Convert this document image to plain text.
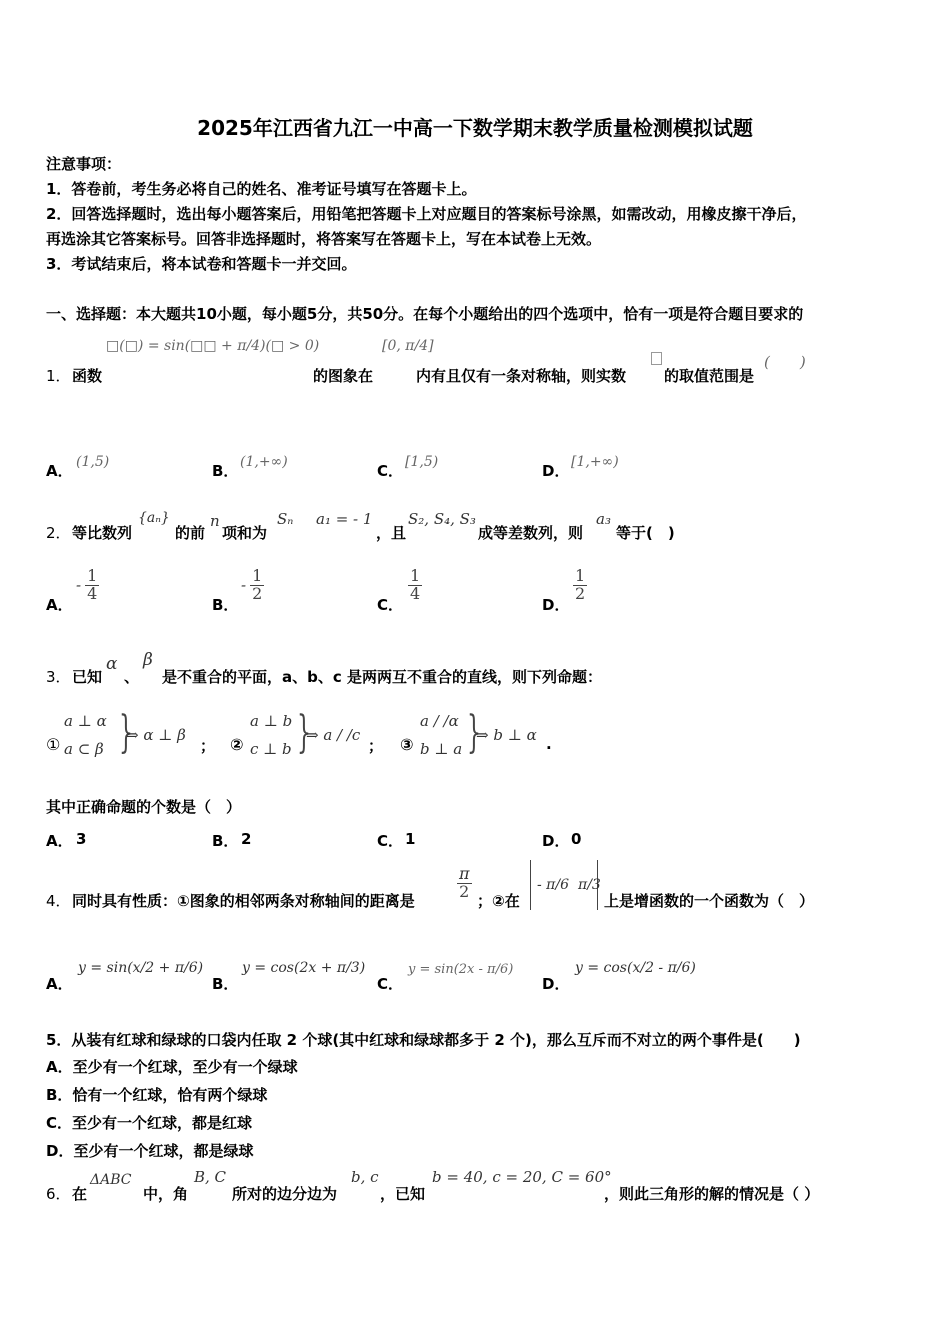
2025年江西省九江一中高一下数学期末教学质量检测模拟试题
注意事项：
1．答卷前，考生务必将自己的姓名、准考证号填写在答题卡上。
2．回答选择题时，选出每小题答案后，用铅笔把答题卡上对应题目的答案标号涂黑，如需改动，用橡皮擦干净后，
再选涂其它答案标号。回答非选择题时，将答案写在答题卡上，写在本试卷上无效。
3．考试结束后，将本试卷和答题卡一并交回。
一、选择题：本大题共10小题，每小题5分，共50分。在每个小题给出的四个选项中，恰有一项是符合题目要求的
□(□) = sin(□□ + π/4)(□ > 0)	[0, π/4]
1． 函数	的图象在	内有且仅有一条对称轴，则实数	的取值范围是
(　　)
A． (1,5)	B． (1,+∞)	C． [1,5)	D． [1,+∞)
2． 等比数列
{aₙ}
的前
n
项和为
Sₙ a₁ = - 1
，且
S₂, S₄, S₃
成等差数列，则
a₃
等于(　)
A．
- $\frac{1}{4}$
B．
- $\frac{1}{2}$
C．
$\frac{1}{4}$
D．
$\frac{1}{2}$
3． 已知
α
、
β
是不重合的平面，a、b、c 是两两互不重合的直线，则下列命题：
①
a ⊥ α
a ⊂ β }
⇒ α ⊥ β
； ②
a ⊥ b
c ⊥ b }
⇒ a / /c
； ③
a / /α
b ⊥ a }
⇒ b ⊥ α .
其中正确命题的个数是（　）
A． 3	B． 2	C． 1	D． 0
4． 同时具有性质：①图象的相邻两条对称轴间的距离是
$\frac{\pi}{2}$
；②在
- π/6 π/3
上是增函数的一个函数为（　）
A．
y = sin(x/2 + π/6)
B．
y = cos(2x + π/3)
C．
y = sin(2x - π/6)
D．
y = cos(x/2 - π/6)
5．从装有红球和绿球的口袋内任取 2 个球(其中红球和绿球都多于 2 个)，那么互斥而不对立的两个事件是(　　)
A．至少有一个红球，至少有一个绿球
B．恰有一个红球，恰有两个绿球
C．至少有一个红球，都是红球
D．至少有一个红球，都是绿球
6． 在
ΔABC
中，角
B, C
所对的边分边为
b, c
，已知
b = 40, c = 20, C = 60°
，则此三角形的解的情况是（ ）
